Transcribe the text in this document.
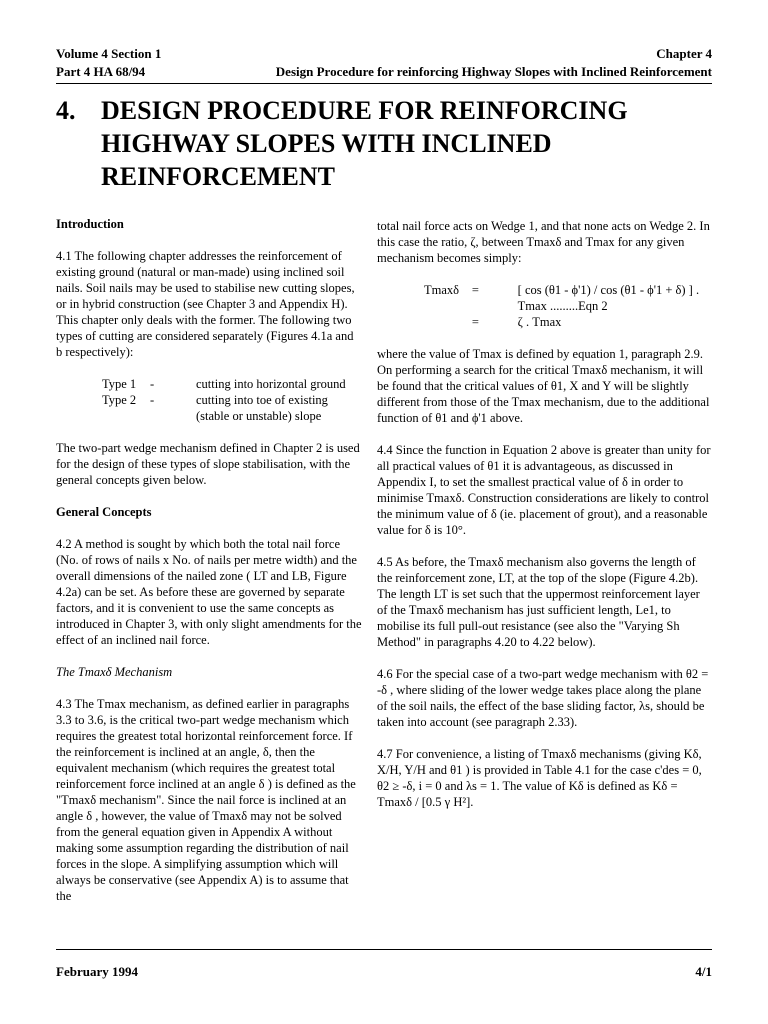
Volume 4 Section 1	Chapter 4
Part 4 HA 68/94	Design Procedure for reinforcing Highway Slopes with Inclined Reinforcement
4. DESIGN PROCEDURE FOR REINFORCING HIGHWAY SLOPES WITH INCLINED REINFORCEMENT
Introduction

4.1 The following chapter addresses the reinforcement of existing ground (natural or man-made) using inclined soil nails. Soil nails may be used to stabilise new cutting slopes, or in hybrid construction (see Chapter 3 and Appendix H). This chapter only deals with the former. The following two types of cutting are considered separately (Figures 4.1a and b respectively):

Type 1	-	cutting into horizontal ground
Type 2	-	cutting into toe of existing (stable or unstable) slope

The two-part wedge mechanism defined in Chapter 2 is used for the design of these types of slope stabilisation, with the general concepts given below.

General Concepts

4.2 A method is sought by which both the total nail force (No. of rows of nails x No. of nails per metre width) and the overall dimensions of the nailed zone ( LT and LB, Figure 4.2a) can be set. As before these are governed by separate factors, and it is convenient to use the same concepts as introduced in Chapter 3, with only slight amendments for the effect of an inclined nail force.

The Tmaxδ Mechanism

4.3 The Tmax mechanism, as defined earlier in paragraphs 3.3 to 3.6, is the critical two-part wedge mechanism which requires the greatest total horizontal reinforcement force. If the reinforcement is inclined at an angle, δ, then the equivalent mechanism (which requires the greatest total reinforcement force inclined at an angle δ ) is defined as the "Tmaxδ mechanism". Since the nail force is inclined at an angle δ , however, the value of Tmaxδ may not be solved from the general equation given in Appendix A without making some assumption regarding the distribution of nail forces in the slope. A simplifying assumption which will always be conservative (see Appendix A) is to assume that the

total nail force acts on Wedge 1, and that none acts on Wedge 2. In this case the ratio, ζ, between Tmaxδ and Tmax for any given mechanism becomes simply:

Tmaxδ	=	[ cos (θ1 - ϕ'1) / cos (θ1 - ϕ'1 + δ) ] . Tmax .........Eqn 2
=	ζ . Tmax

where the value of Tmax is defined by equation 1, paragraph 2.9. On performing a search for the critical Tmaxδ mechanism, it will be found that the critical values of θ1, X and Y will be slightly different from those of the Tmax mechanism, due to the additional function of θ1 and ϕ'1 above.

4.4 Since the function in Equation 2 above is greater than unity for all practical values of θ1 it is advantageous, as discussed in Appendix I, to set the smallest practical value of δ in order to minimise Tmaxδ. Construction considerations are likely to control the minimum value of δ (ie. placement of grout), and a reasonable value for δ is 10°.

4.5 As before, the Tmaxδ mechanism also governs the length of the reinforcement zone, LT, at the top of the slope (Figure 4.2b). The length LT is set such that the uppermost reinforcement layer of the Tmaxδ mechanism has just sufficient length, Le1, to mobilise its full pull-out resistance (see also the "Varying Sh Method" in paragraphs 4.20 to 4.22 below).

4.6 For the special case of a two-part wedge mechanism with θ2 = -δ , where sliding of the lower wedge takes place along the plane of the soil nails, the effect of the base sliding factor, λs, should be taken into account (see paragraph 2.33).

4.7 For convenience, a listing of Tmaxδ mechanisms (giving Kδ, X/H, Y/H and θ1 ) is provided in Table 4.1 for the case c'des = 0, θ2 ≥ -δ, i = 0 and λs = 1. The value of Kδ is defined as Kδ = Tmaxδ / [0.5 γ H²].

February 1994	4/1
